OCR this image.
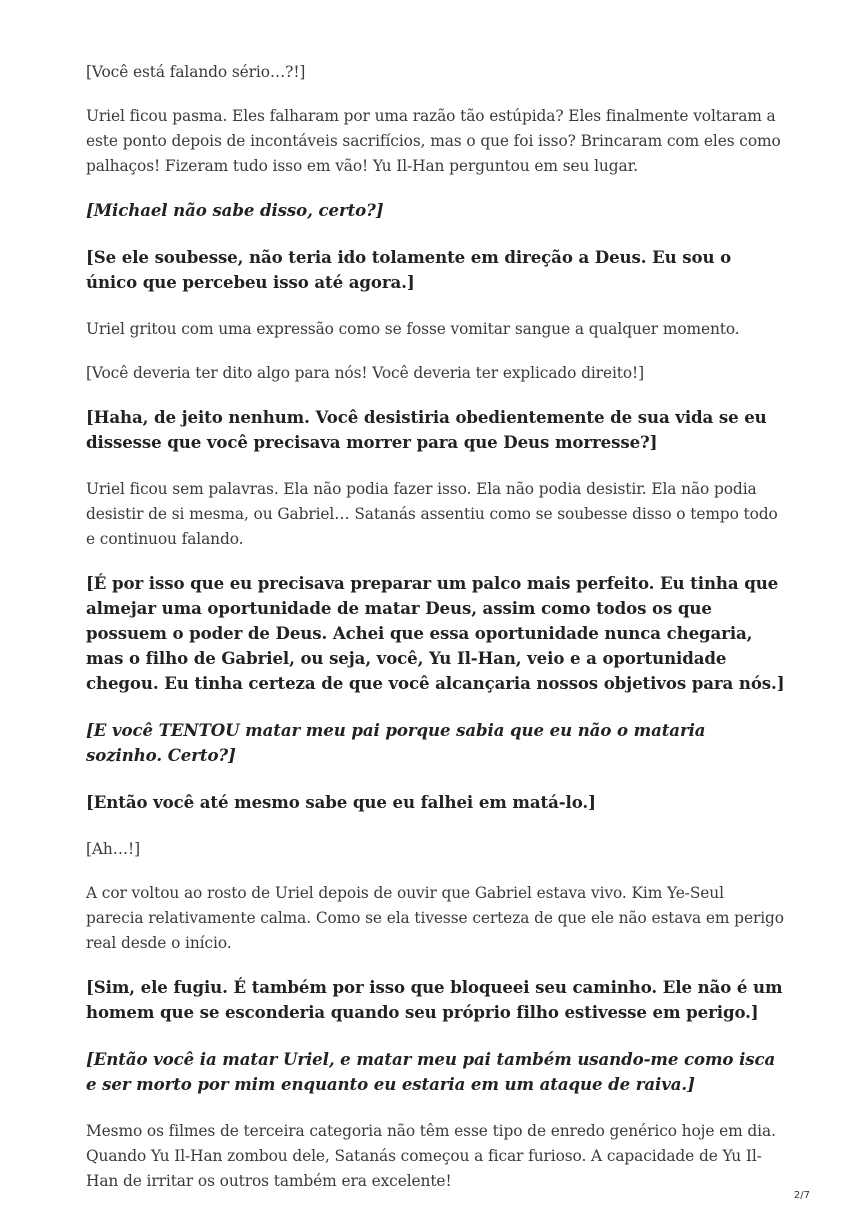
[Você está falando sério…?!]

Uriel ficou pasma. Eles falharam por uma razão tão estúpida? Eles finalmente voltaram a este ponto depois de incontáveis sacrifícios, mas o que foi isso? Brincaram com eles como palhaços! Fizeram tudo isso em vão! Yu Il-Han perguntou em seu lugar.

[Michael não sabe disso, certo?]

[Se ele soubesse, não teria ido tolamente em direção a Deus. Eu sou o único que percebeu isso até agora.]

Uriel gritou com uma expressão como se fosse vomitar sangue a qualquer momento.

[Você deveria ter dito algo para nós! Você deveria ter explicado direito!]

[Haha, de jeito nenhum. Você desistiria obedientemente de sua vida se eu dissesse que você precisava morrer para que Deus morresse?]

Uriel ficou sem palavras. Ela não podia fazer isso. Ela não podia desistir. Ela não podia desistir de si mesma, ou Gabriel… Satanás assentiu como se soubesse disso o tempo todo e continuou falando.

[É por isso que eu precisava preparar um palco mais perfeito. Eu tinha que almejar uma oportunidade de matar Deus, assim como todos os que possuem o poder de Deus. Achei que essa oportunidade nunca chegaria, mas o filho de Gabriel, ou seja, você, Yu Il-Han, veio e a oportunidade chegou. Eu tinha certeza de que você alcançaria nossos objetivos para nós.]

[E você TENTOU matar meu pai porque sabia que eu não o mataria sozinho. Certo?]

[Então você até mesmo sabe que eu falhei em matá-lo.]

[Ah…!]

A cor voltou ao rosto de Uriel depois de ouvir que Gabriel estava vivo. Kim Ye-Seul parecia relativamente calma. Como se ela tivesse certeza de que ele não estava em perigo real desde o início.

[Sim, ele fugiu. É também por isso que bloqueei seu caminho. Ele não é um homem que se esconderia quando seu próprio filho estivesse em perigo.]

[Então você ia matar Uriel, e matar meu pai também usando-me como isca e ser morto por mim enquanto eu estaria em um ataque de raiva.]

Mesmo os filmes de terceira categoria não têm esse tipo de enredo genérico hoje em dia. Quando Yu Il-Han zombou dele, Satanás começou a ficar furioso. A capacidade de Yu Il-Han de irritar os outros também era excelente!

2/7
